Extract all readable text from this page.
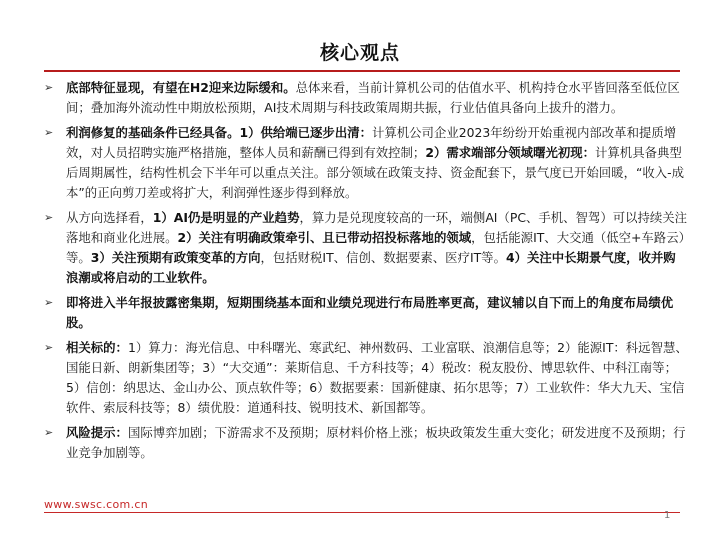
核心观点
➢	底部特征显现，有望在H2迎来边际缓和。总体来看，当前计算机公司的估值水平、机构持仓水平皆回落至低位区间；叠加海外流动性中期放松预期，AI技术周期与科技政策周期共振，行业估值具备向上拔升的潜力。
➢	利润修复的基础条件已经具备。1）供给端已逐步出清：计算机公司企业2023年纷纷开始重视内部改革和提质增效，对人员招聘实施严格措施，整体人员和薪酬已得到有效控制；2）需求端部分领域曙光初现：计算机具备典型后周期属性，结构性机会下半年可以重点关注。部分领域在政策支持、资金配套下，景气度已开始回暖，“收入-成本”的正向剪刀差或将扩大，利润弹性逐步得到释放。
➢	从方向选择看，1）AI仍是明显的产业趋势，算力是兑现度较高的一环，端侧AI（PC、手机、智驾）可以持续关注落地和商业化进展。2）关注有明确政策牵引、且已带动招投标落地的领域，包括能源IT、大交通（低空+车路云）等。3）关注预期有政策变革的方向，包括财税IT、信创、数据要素、医疗IT等。4）关注中长期景气度，收并购浪潮或将启动的工业软件。
➢	即将进入半年报披露密集期，短期围绕基本面和业绩兑现进行布局胜率更高，建议辅以自下而上的角度布局绩优股。
➢	相关标的：1）算力：海光信息、中科曙光、寒武纪、神州数码、工业富联、浪潮信息等；2）能源IT：科远智慧、国能日新、朗新集团等；3）“大交通”：莱斯信息、千方科技等；4）税改：税友股份、博思软件、中科江南等；5）信创：纳思达、金山办公、顶点软件等；6）数据要素：国新健康、拓尔思等；7）工业软件：华大九天、宝信软件、索辰科技等；8）绩优股：道通科技、锐明技术、新国都等。
➢	风险提示：国际博弈加剧；下游需求不及预期；原材料价格上涨；板块政策发生重大变化；研发进度不及预期；行业竞争加剧等。
www.swsc.com.cn
1
